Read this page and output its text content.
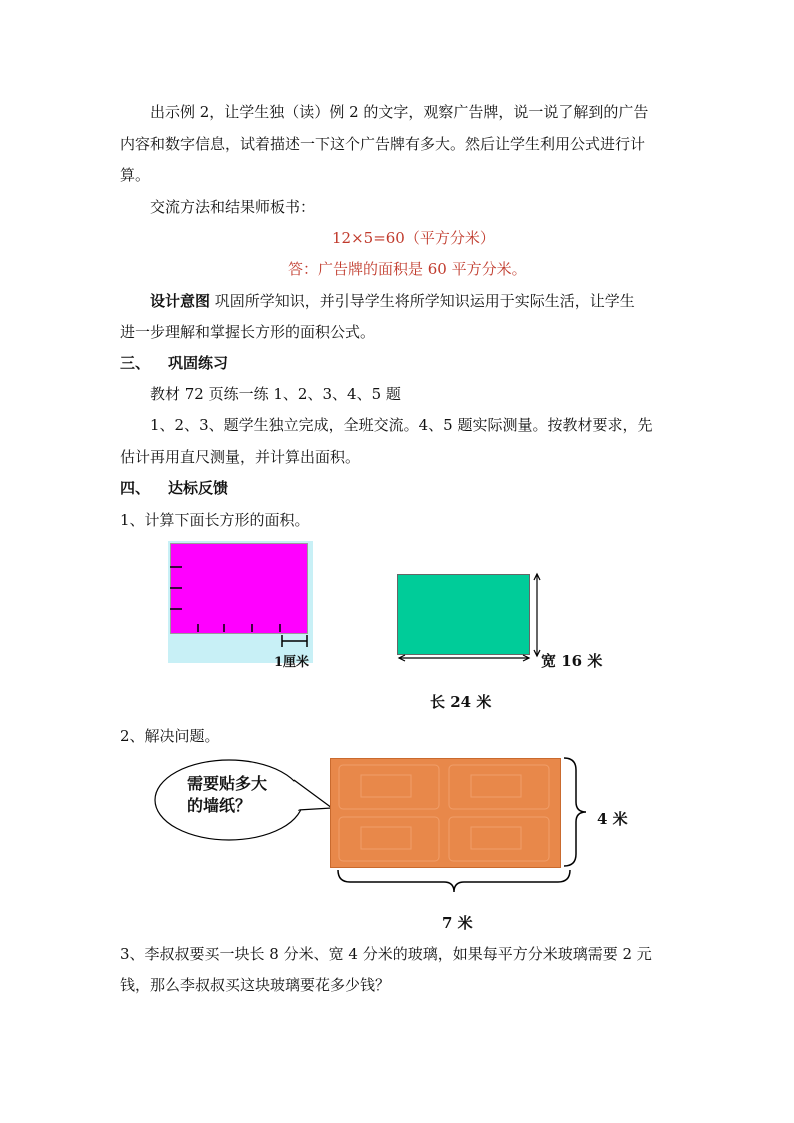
出示例 2，让学生独（读）例 2 的文字，观察广告牌，说一说了解到的广告
内容和数字信息，试着描述一下这个广告牌有多大。然后让学生利用公式进行计
算。
交流方法和结果师板书：
12×5=60（平方分米）
答：广告牌的面积是 60 平方分米。
设计意图 巩固所学知识，并引导学生将所学知识运用于实际生活，让学生
进一步理解和掌握长方形的面积公式。
三、 巩固练习
教材 72 页练一练 1、2、3、4、5 题
1、2、3、题学生独立完成，全班交流。4、5 题实际测量。按教材要求，先
估计再用直尺测量，并计算出面积。
四、 达标反馈
1、计算下面长方形的面积。
1厘米	宽 16 米
长 24 米
2、解决问题。
需要贴多大
的墙纸？
4 米
7 米
3、李叔叔要买一块长 8 分米、宽 4 分米的玻璃，如果每平方分米玻璃需要 2 元
钱，那么李叔叔买这块玻璃要花多少钱？
